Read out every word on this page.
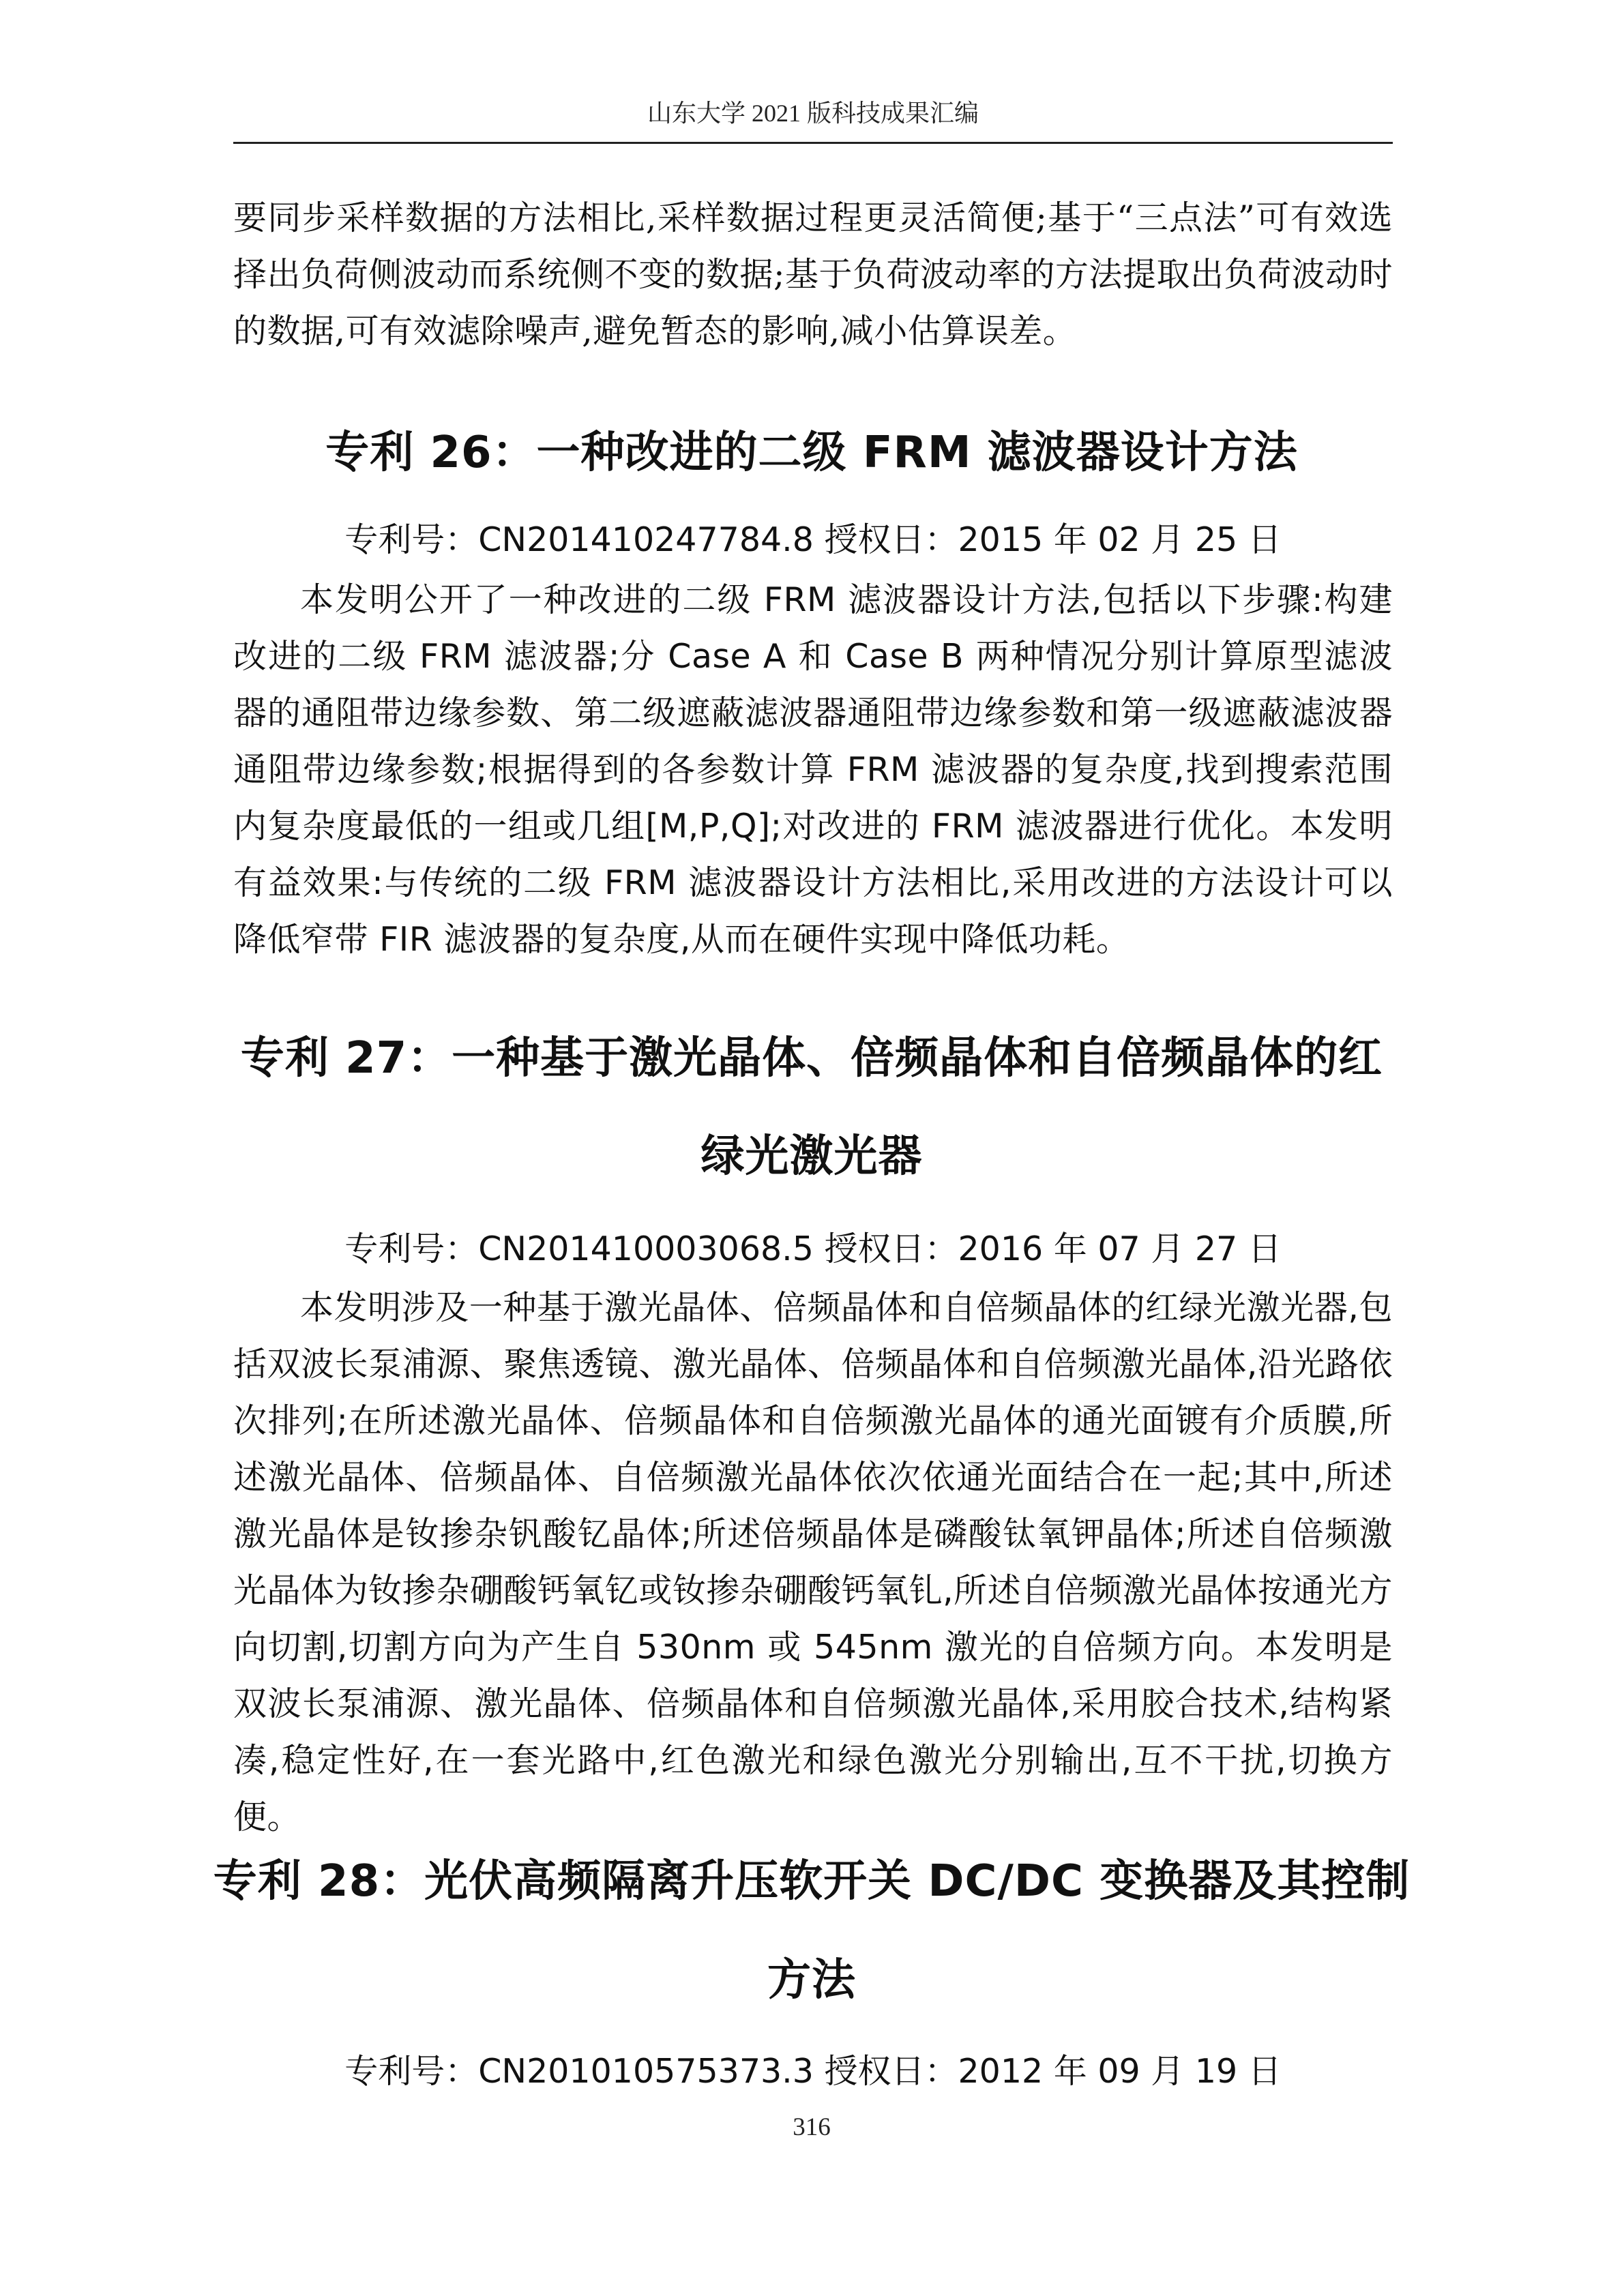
山东大学 2021 版科技成果汇编

要同步采样数据的方法相比,采样数据过程更灵活简便;基于“三点法”可有效选择出负荷侧波动而系统侧不变的数据;基于负荷波动率的方法提取出负荷波动时的数据,可有效滤除噪声,避免暂态的影响,减小估算误差。

专利 26：一种改进的二级 FRM 滤波器设计方法

专利号：CN201410247784.8 授权日：2015 年 02 月 25 日

本发明公开了一种改进的二级 FRM 滤波器设计方法,包括以下步骤:构建改进的二级 FRM 滤波器;分 Case A 和 Case B 两种情况分别计算原型滤波器的通阻带边缘参数、第二级遮蔽滤波器通阻带边缘参数和第一级遮蔽滤波器通阻带边缘参数;根据得到的各参数计算 FRM 滤波器的复杂度,找到搜索范围内复杂度最低的一组或几组[M,P,Q];对改进的 FRM 滤波器进行优化。本发明有益效果:与传统的二级 FRM 滤波器设计方法相比,采用改进的方法设计可以降低窄带 FIR 滤波器的复杂度,从而在硬件实现中降低功耗。

专利 27：一种基于激光晶体、倍频晶体和自倍频晶体的红
绿光激光器

专利号：CN201410003068.5 授权日：2016 年 07 月 27 日

本发明涉及一种基于激光晶体、倍频晶体和自倍频晶体的红绿光激光器,包括双波长泵浦源、聚焦透镜、激光晶体、倍频晶体和自倍频激光晶体,沿光路依次排列;在所述激光晶体、倍频晶体和自倍频激光晶体的通光面镀有介质膜,所述激光晶体、倍频晶体、自倍频激光晶体依次依通光面结合在一起;其中,所述激光晶体是钕掺杂钒酸钇晶体;所述倍频晶体是磷酸钛氧钾晶体;所述自倍频激光晶体为钕掺杂硼酸钙氧钇或钕掺杂硼酸钙氧钆,所述自倍频激光晶体按通光方向切割,切割方向为产生自 530nm 或 545nm 激光的自倍频方向。本发明是双波长泵浦源、激光晶体、倍频晶体和自倍频激光晶体,采用胶合技术,结构紧凑,稳定性好,在一套光路中,红色激光和绿色激光分别输出,互不干扰,切换方便。

专利 28：光伏高频隔离升压软开关 DC/DC 变换器及其控制
方法

专利号：CN201010575373.3 授权日：2012 年 09 月 19 日

316
